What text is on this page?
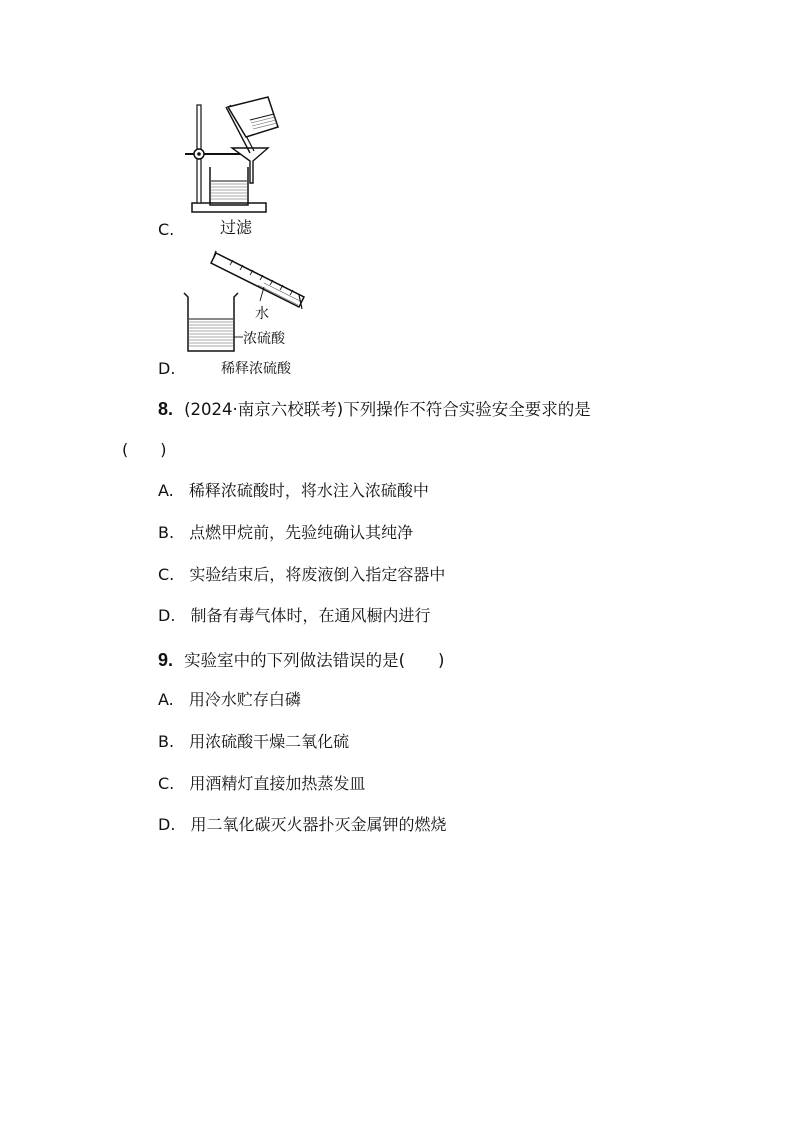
C.	过滤
水
浓硫酸
D.	稀释浓硫酸
8. (2024·南京六校联考)下列操作不符合实验安全要求的是
(　　)
A. 稀释浓硫酸时，将水注入浓硫酸中
B. 点燃甲烷前，先验纯确认其纯净
C. 实验结束后，将废液倒入指定容器中
D. 制备有毒气体时，在通风橱内进行
9. 实验室中的下列做法错误的是(　　)
A. 用冷水贮存白磷
B. 用浓硫酸干燥二氧化硫
C. 用酒精灯直接加热蒸发皿
D. 用二氧化碳灭火器扑灭金属钾的燃烧
